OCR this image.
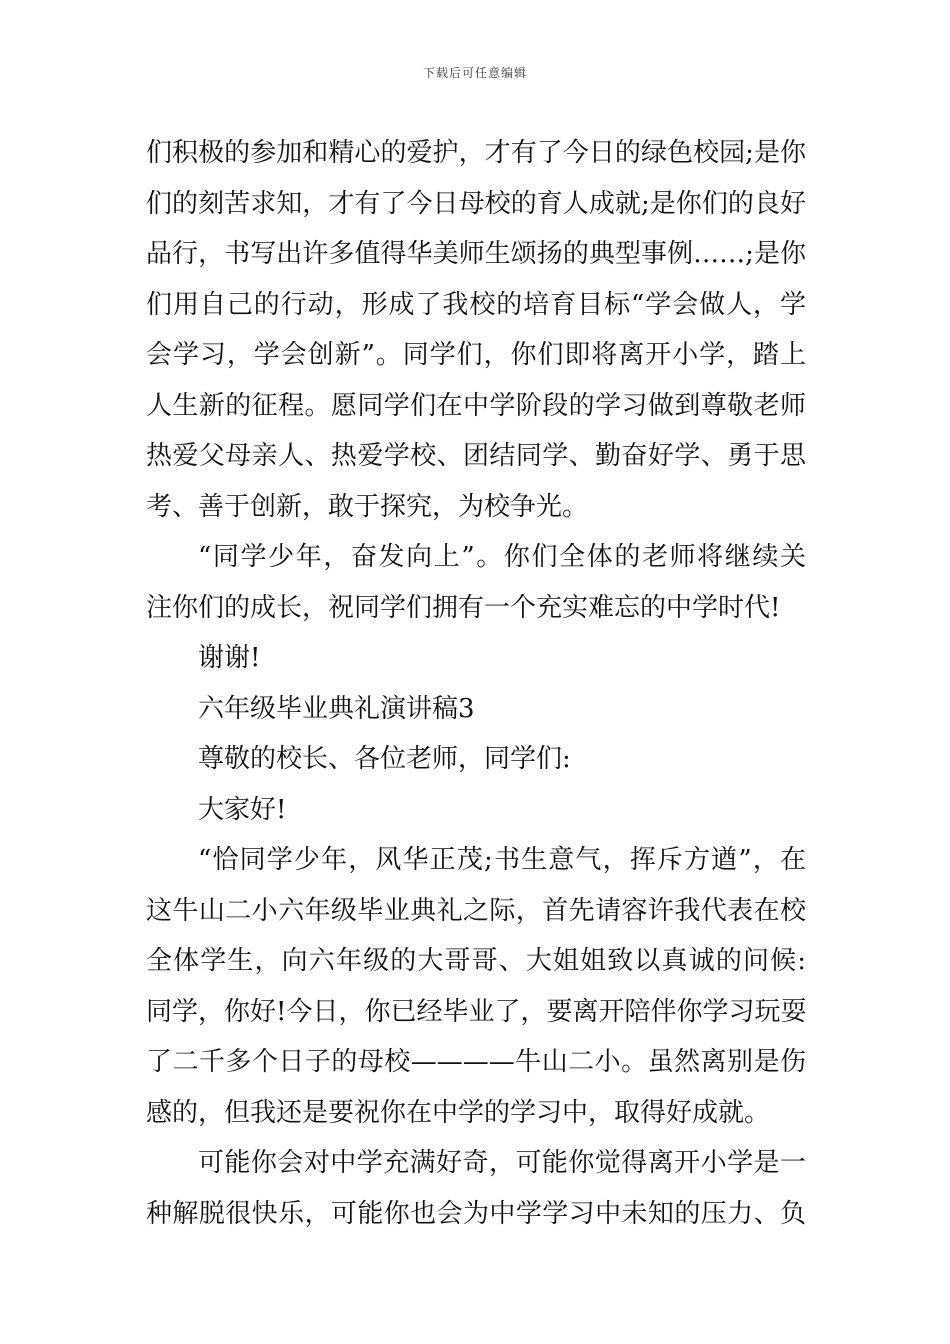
下载后可任意编辑
们积极的参加和精心的爱护，才有了今日的绿色校园;是你
们的刻苦求知，才有了今日母校的育人成就;是你们的良好
品行，书写出许多值得华美师生颂扬的典型事例……;是你
们用自己的行动，形成了我校的培育目标“学会做人，学
会学习，学会创新”。同学们，你们即将离开小学，踏上
人生新的征程。愿同学们在中学阶段的学习做到尊敬老师
热爱父母亲人、热爱学校、团结同学、勤奋好学、勇于思
考、善于创新，敢于探究，为校争光。
“同学少年，奋发向上”。你们全体的老师将继续关
注你们的成长，祝同学们拥有一个充实难忘的中学时代!
谢谢!
六年级毕业典礼演讲稿3
尊敬的校长、各位老师，同学们:
大家好!
“恰同学少年，风华正茂;书生意气，挥斥方遒”，在
这牛山二小六年级毕业典礼之际，首先请容许我代表在校
全体学生，向六年级的大哥哥、大姐姐致以真诚的问候:
同学，你好!今日，你已经毕业了，要离开陪伴你学习玩耍
了二千多个日子的母校————牛山二小。虽然离别是伤
感的，但我还是要祝你在中学的学习中，取得好成就。
可能你会对中学充满好奇，可能你觉得离开小学是一
种解脱很快乐，可能你也会为中学学习中未知的压力、负
